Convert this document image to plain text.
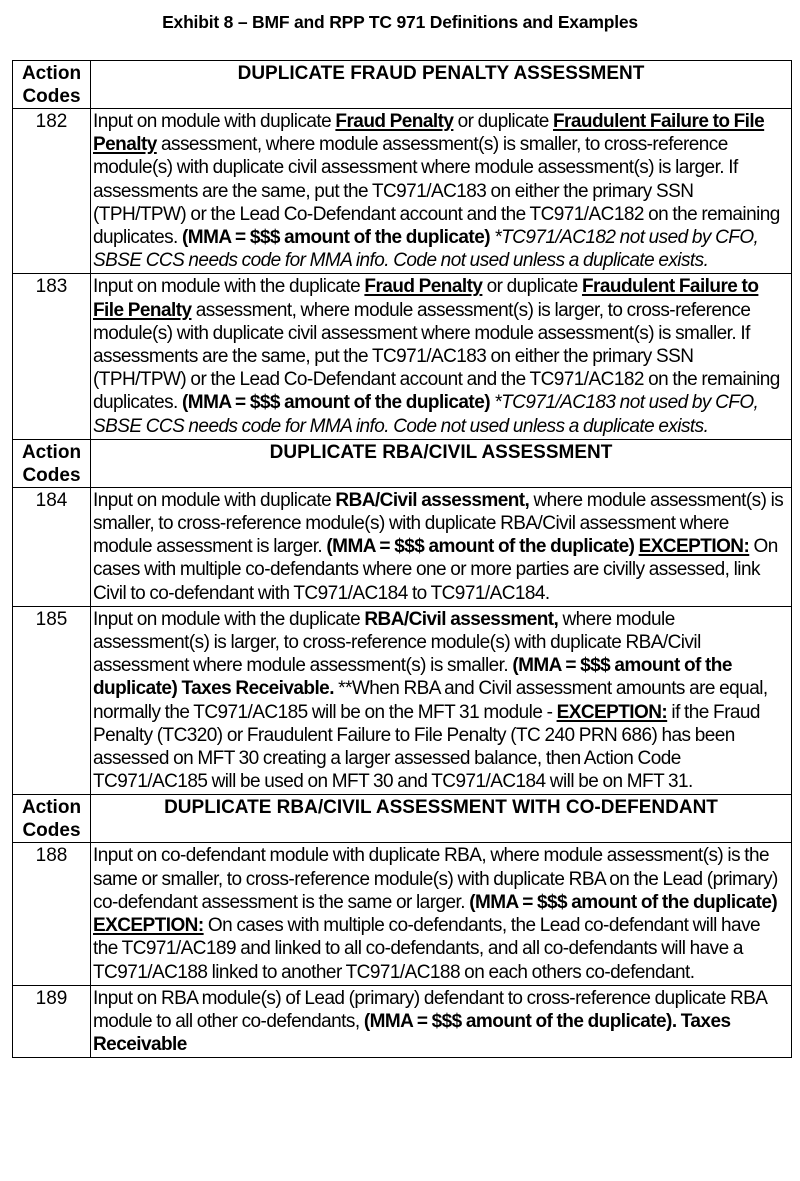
Exhibit 8 – BMF and RPP TC 971 Definitions and Examples
Action
Codes	DUPLICATE FRAUD PENALTY ASSESSMENT
182	Input on module with duplicate Fraud Penalty or duplicate Fraudulent Failure to File Penalty assessment, where module assessment(s) is smaller, to cross-reference module(s) with duplicate civil assessment where module assessment(s) is larger. If assessments are the same, put the TC971/AC183 on either the primary SSN (TPH/TPW) or the Lead Co-Defendant account and the TC971/AC182 on the remaining duplicates. (MMA = $$$ amount of the duplicate) *TC971/AC182 not used by CFO, SBSE CCS needs code for MMA info. Code not used unless a duplicate exists.
183	Input on module with the duplicate Fraud Penalty or duplicate Fraudulent Failure to File Penalty assessment, where module assessment(s) is larger, to cross-reference module(s) with duplicate civil assessment where module assessment(s) is smaller. If assessments are the same, put the TC971/AC183 on either the primary SSN (TPH/TPW) or the Lead Co-Defendant account and the TC971/AC182 on the remaining duplicates. (MMA = $$$ amount of the duplicate) *TC971/AC183 not used by CFO, SBSE CCS needs code for MMA info. Code not used unless a duplicate exists.

Action
Codes	DUPLICATE RBA/CIVIL ASSESSMENT
184	Input on module with duplicate RBA/Civil assessment, where module assessment(s) is smaller, to cross-reference module(s) with duplicate RBA/Civil assessment where module assessment is larger. (MMA = $$$ amount of the duplicate) EXCEPTION: On cases with multiple co-defendants where one or more parties are civilly assessed, link Civil to co-defendant with TC971/AC184 to TC971/AC184.
185	Input on module with the duplicate RBA/Civil assessment, where module assessment(s) is larger, to cross-reference module(s) with duplicate RBA/Civil assessment where module assessment(s) is smaller. (MMA = $$$ amount of the duplicate) Taxes Receivable. **When RBA and Civil assessment amounts are equal, normally the TC971/AC185 will be on the MFT 31 module - EXCEPTION: if the Fraud Penalty (TC320) or Fraudulent Failure to File Penalty (TC 240 PRN 686) has been assessed on MFT 30 creating a larger assessed balance, then Action Code TC971/AC185 will be used on MFT 30 and TC971/AC184 will be on MFT 31.

Action
Codes	DUPLICATE RBA/CIVIL ASSESSMENT WITH CO-DEFENDANT
188	Input on co-defendant module with duplicate RBA, where module assessment(s) is the same or smaller, to cross-reference module(s) with duplicate RBA on the Lead (primary) co-defendant assessment is the same or larger. (MMA = $$$ amount of the duplicate) EXCEPTION: On cases with multiple co-defendants, the Lead co-defendant will have the TC971/AC189 and linked to all co-defendants, and all co-defendants will have a TC971/AC188 linked to another TC971/AC188 on each others co-defendant.
189	Input on RBA module(s) of Lead (primary) defendant to cross-reference duplicate RBA module to all other co-defendants, (MMA = $$$ amount of the duplicate). Taxes Receivable
